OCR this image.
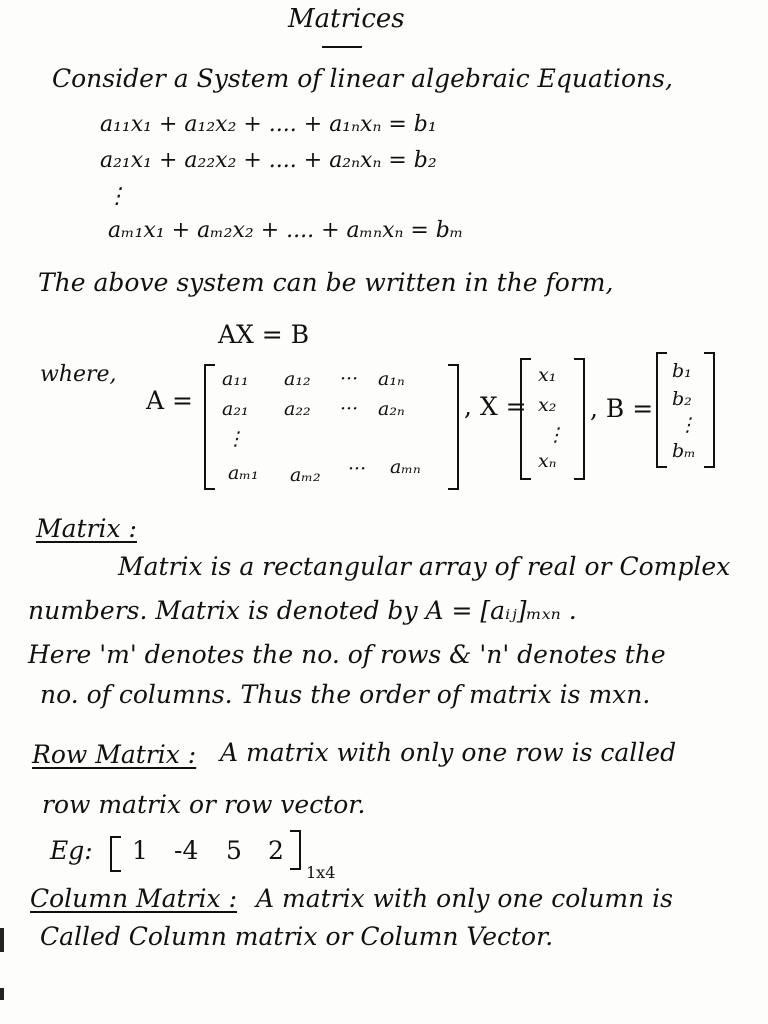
Matrices
Consider a System of linear algebraic Equations,
a₁₁x₁ + a₁₂x₂ + .... + a₁ₙxₙ = b₁
a₂₁x₁ + a₂₂x₂ + .... + a₂ₙxₙ = b₂
⋮
aₘ₁x₁ + aₘ₂x₂ + .... + aₘₙxₙ = bₘ
The above system can be written in the form,
AX = B
where,
A =
a₁₁ a₁₂ ··· a₁ₙ
a₂₁ a₂₂ ··· a₂ₙ
⋮
aₘ₁ aₘ₂ ··· aₘₙ
, X =
x₁
x₂
⋮
xₙ
, B =
b₁
b₂
⋮
bₘ
Matrix :
Matrix is a rectangular array of real or Complex
numbers. Matrix is denoted by A = [aᵢⱼ]ₘₓₙ .
Here 'm' denotes the no. of rows & 'n' denotes the
no. of columns. Thus the order of matrix is mxn.
Row Matrix : A matrix with only one row is called
row matrix or row vector.
Eg: 1 -4 5 2
1x4
Column Matrix : A matrix with only one column is
Called Column matrix or Column Vector.
